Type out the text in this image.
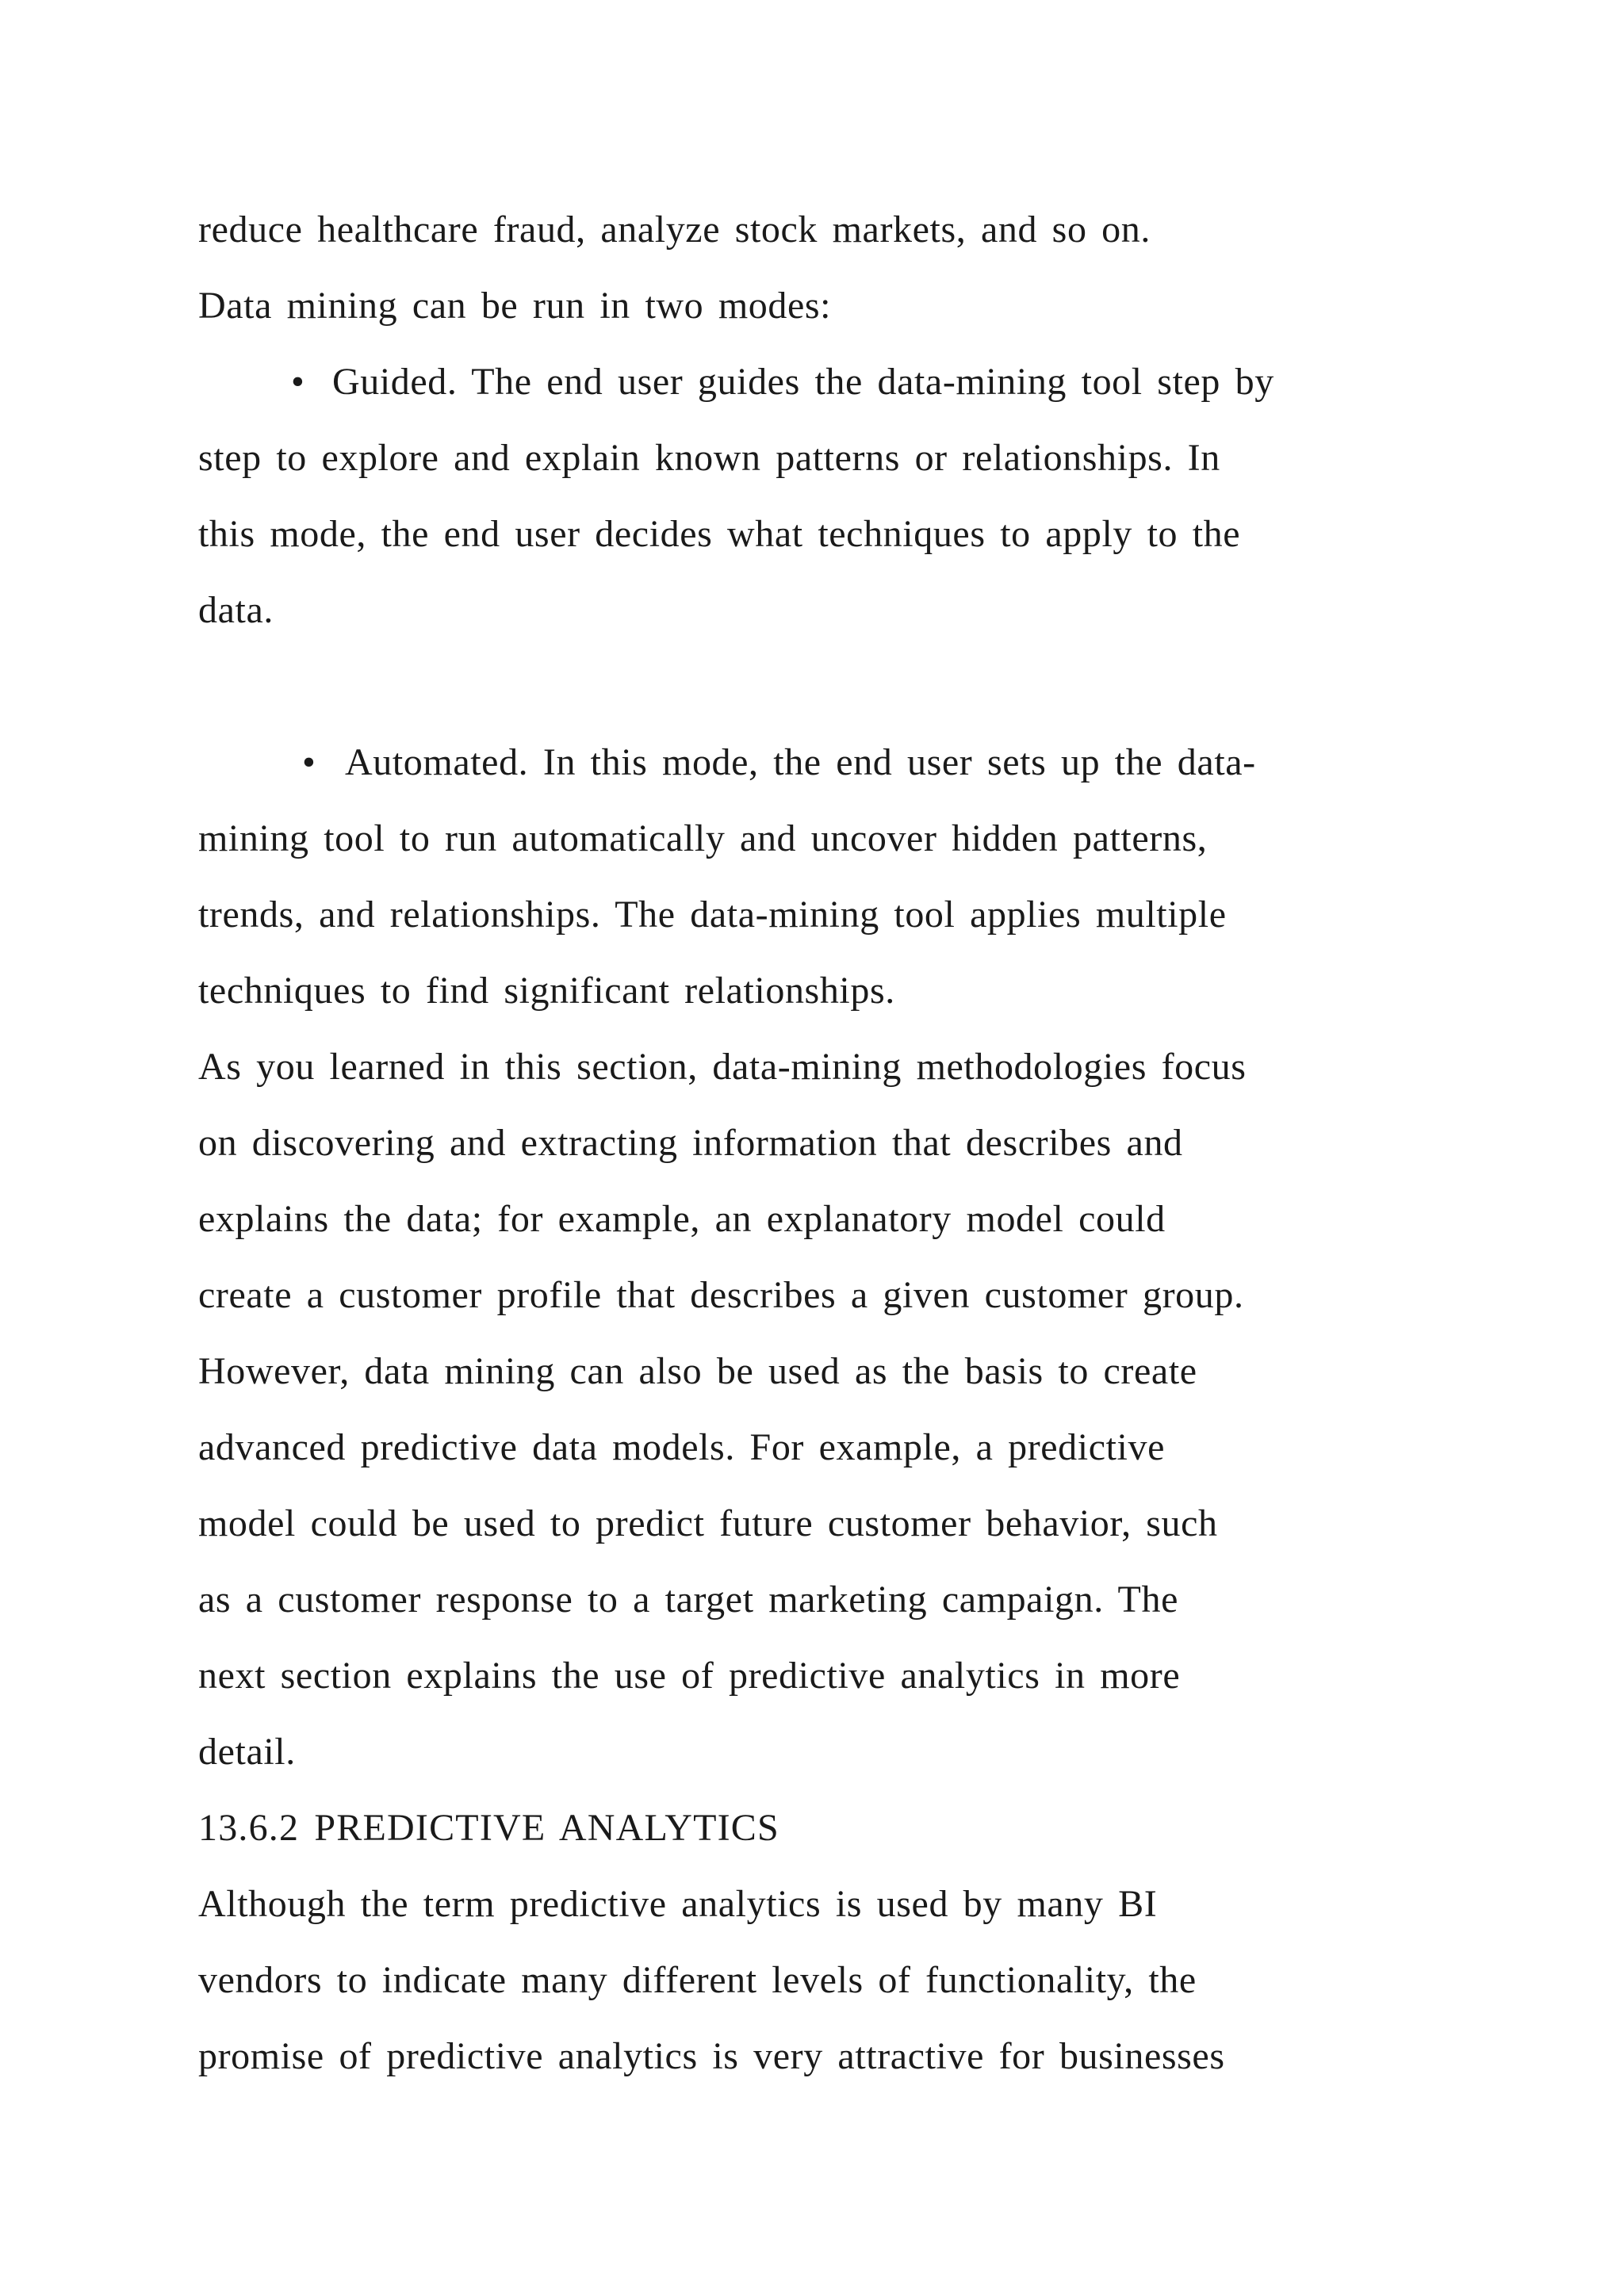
reduce healthcare fraud, analyze stock markets, and so on.
Data mining can be run in two modes:
• Guided. The end user guides the data-mining tool step by
step to explore and explain known patterns or relationships. In
this mode, the end user decides what techniques to apply to the
data.
• Automated. In this mode, the end user sets up the data-
mining tool to run automatically and uncover hidden patterns,
trends, and relationships. The data-mining tool applies multiple
techniques to find significant relationships.
As you learned in this section, data-mining methodologies focus
on discovering and extracting information that describes and
explains the data; for example, an explanatory model could
create a customer profile that describes a given customer group.
However, data mining can also be used as the basis to create
advanced predictive data models. For example, a predictive
model could be used to predict future customer behavior, such
as a customer response to a target marketing campaign. The
next section explains the use of predictive analytics in more
detail.
13.6.2 PREDICTIVE ANALYTICS
Although the term predictive analytics is used by many BI
vendors to indicate many different levels of functionality, the
promise of predictive analytics is very attractive for businesses
